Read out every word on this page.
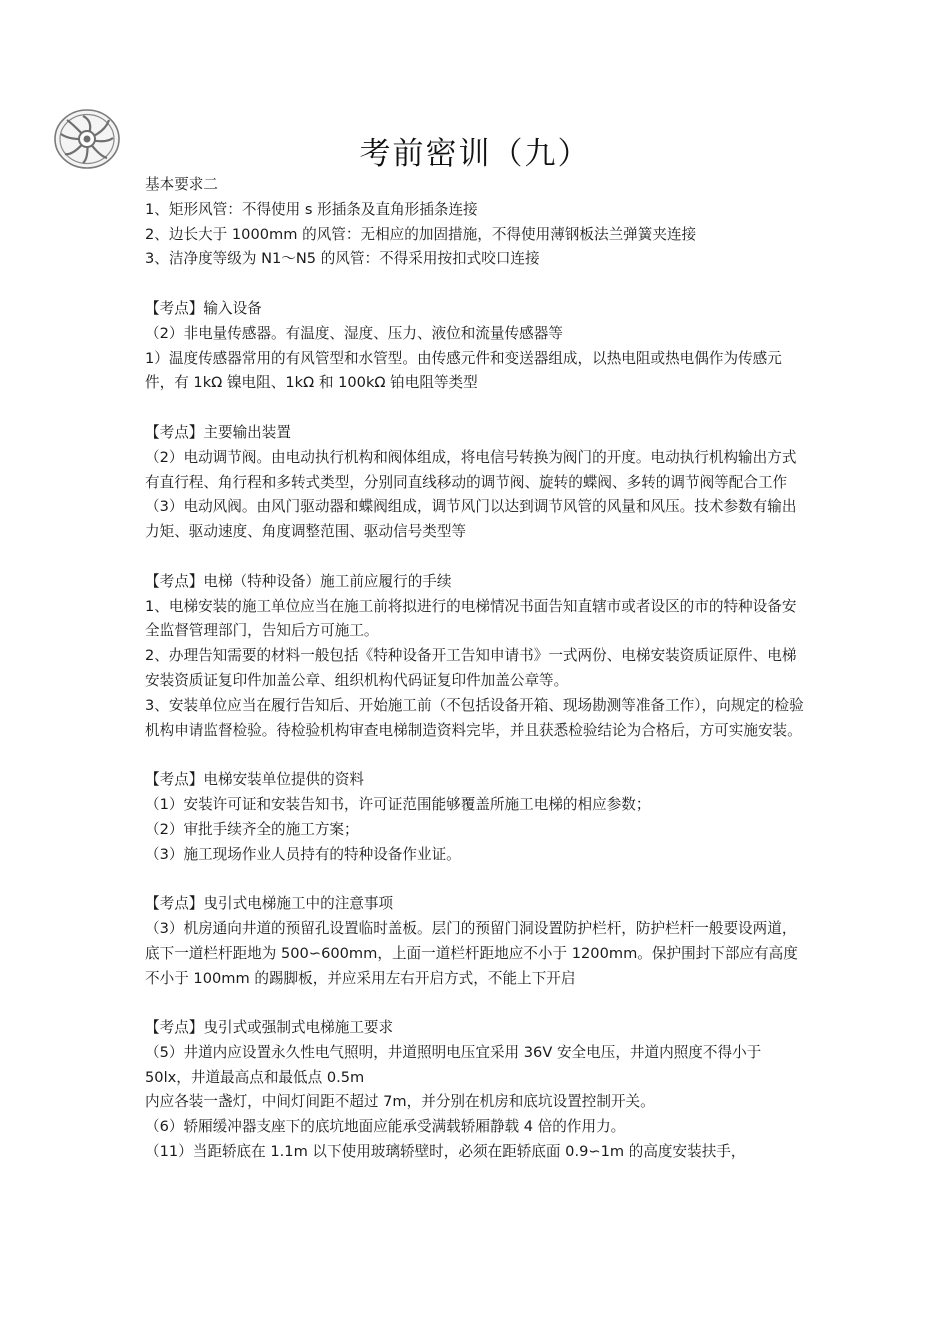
考前密训（九）

基本要求二

1、矩形风管：不得使用 s 形插条及直角形插条连接

2、边长大于 1000mm 的风管：无相应的加固措施，不得使用薄钢板法兰弹簧夹连接

3、洁净度等级为 N1～N5 的风管：不得采用按扣式咬口连接

【考点】输入设备

（2）非电量传感器。有温度、湿度、压力、液位和流量传感器等

1）温度传感器常用的有风管型和水管型。由传感元件和变送器组成，以热电阻或热电偶作为传感元件，有 1kΩ 镍电阻、1kΩ 和 100kΩ 铂电阻等类型

【考点】主要输出装置

（2）电动调节阀。由电动执行机构和阀体组成，将电信号转换为阀门的开度。电动执行机构输出方式有直行程、角行程和多转式类型，分别同直线移动的调节阀、旋转的蝶阀、多转的调节阀等配合工作

（3）电动风阀。由风门驱动器和蝶阀组成，调节风门以达到调节风管的风量和风压。技术参数有输出力矩、驱动速度、角度调整范围、驱动信号类型等

【考点】电梯（特种设备）施工前应履行的手续

1、电梯安装的施工单位应当在施工前将拟进行的电梯情况书面告知直辖市或者设区的市的特种设备安全监督管理部门，告知后方可施工。

2、办理告知需要的材料一般包括《特种设备开工告知申请书》一式两份、电梯安装资质证原件、电梯安装资质证复印件加盖公章、组织机构代码证复印件加盖公章等。

3、安装单位应当在履行告知后、开始施工前（不包括设备开箱、现场勘测等准备工作），向规定的检验机构申请监督检验。待检验机构审查电梯制造资料完毕，并且获悉检验结论为合格后，方可实施安装。

【考点】电梯安装单位提供的资料

（1）安装许可证和安装告知书，许可证范围能够覆盖所施工电梯的相应参数；

（2）审批手续齐全的施工方案；

（3）施工现场作业人员持有的特种设备作业证。

【考点】曳引式电梯施工中的注意事项

（3）机房通向井道的预留孔设置临时盖板。层门的预留门洞设置防护栏杆，防护栏杆一般要设两道，底下一道栏杆距地为 500∽600mm，上面一道栏杆距地应不小于 1200mm。保护围封下部应有高度不小于 100mm 的踢脚板，并应采用左右开启方式，不能上下开启

【考点】曳引式或强制式电梯施工要求

（5）井道内应设置永久性电气照明，井道照明电压宜采用 36V 安全电压，井道内照度不得小于 50lx，井道最高点和最低点 0.5m

内应各装一盏灯，中间灯间距不超过 7m，并分别在机房和底坑设置控制开关。

（6）轿厢缓冲器支座下的底坑地面应能承受满载轿厢静载 4 倍的作用力。

（11）当距轿底在 1.1m 以下使用玻璃轿壁时，必须在距轿底面 0.9∽1m 的高度安装扶手，
